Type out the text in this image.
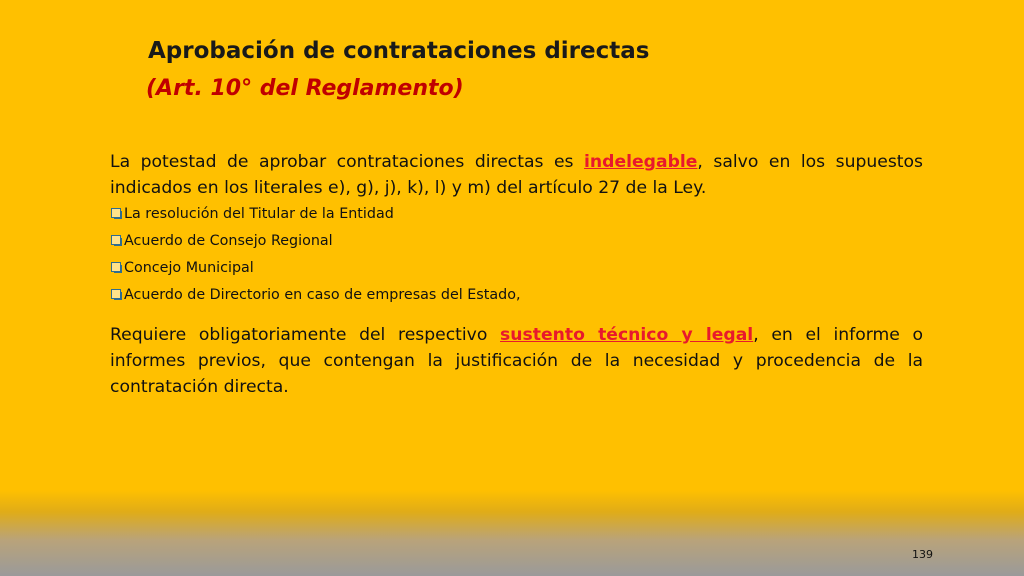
Aprobación de contrataciones directas
(Art. 10° del Reglamento)

La potestad de aprobar contrataciones directas es indelegable, salvo en los supuestos indicados en los literales e), g), j), k), l) y m) del artículo 27 de la Ley.

La resolución del Titular de la Entidad
Acuerdo de Consejo Regional
Concejo Municipal
Acuerdo de Directorio en caso de empresas del Estado,

Requiere obligatoriamente del respectivo sustento técnico y legal, en el informe o informes previos, que contengan la justificación de la necesidad y procedencia de la contratación directa.

139
